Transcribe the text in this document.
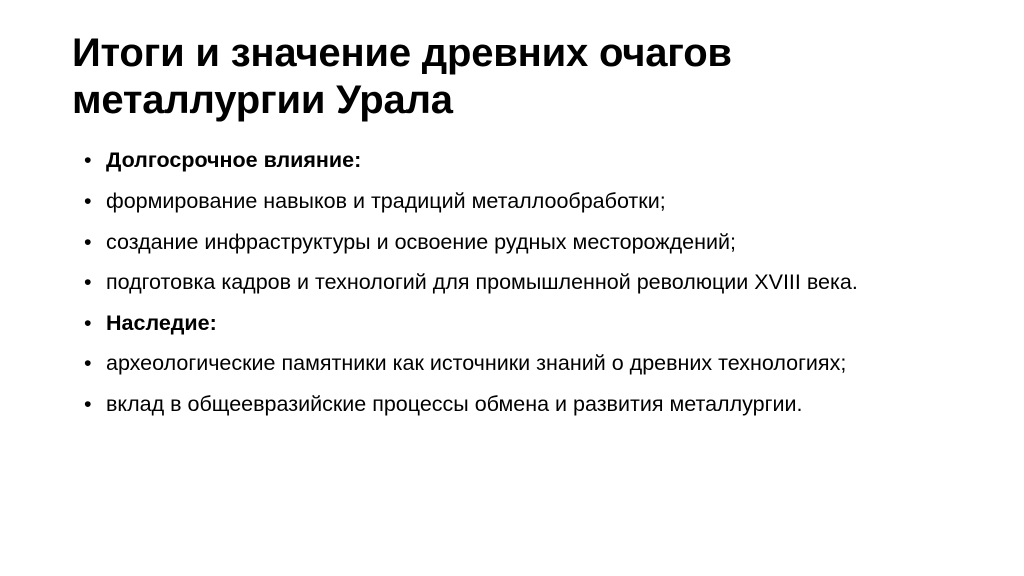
Итоги и значение древних очагов металлургии Урала
• Долгосрочное влияние:
• формирование навыков и традиций металлообработки;
• создание инфраструктуры и освоение рудных месторождений;
• подготовка кадров и технологий для промышленной революции XVIII века.
• Наследие:
• археологические памятники как источники знаний о древних технологиях;
• вклад в общеевразийские процессы обмена и развития металлургии.
